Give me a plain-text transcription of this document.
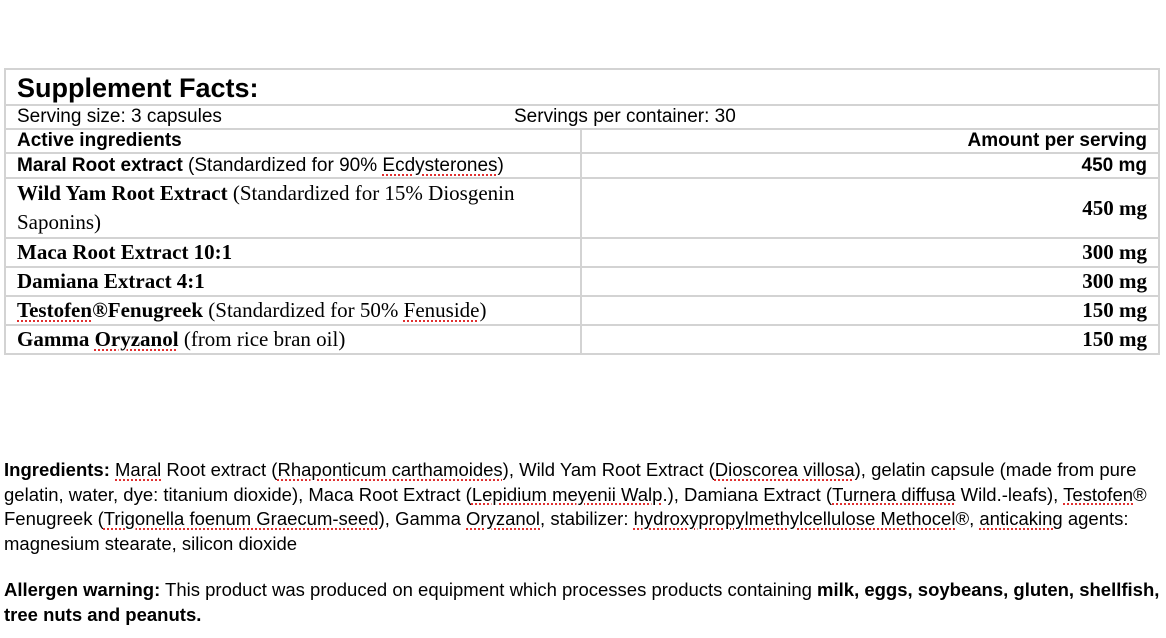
Supplement Facts:	

Serving size: 3 capsules Servings per container: 30	

Active ingredients	Amount per serving
Maral Root extract (Standardized for 90% Ecdysterones)	450 mg
Wild Yam Root Extract (Standardized for 15% Diosgenin Saponins)	450 mg
Maca Root Extract 10:1	300 mg
Damiana Extract 4:1	300 mg
Testofen®Fenugreek (Standardized for 50% Fenuside)	150 mg
Gamma Oryzanol (from rice bran oil)	150 mg

Ingredients: Maral Root extract (Rhaponticum carthamoides), Wild Yam Root Extract (Dioscorea villosa), gelatin capsule (made from pure gelatin, water, dye: titanium dioxide), Maca Root Extract (Lepidium meyenii Walp.), Damiana Extract (Turnera diffusa Wild.-leafs), Testofen® Fenugreek (Trigonella foenum Graecum-seed), Gamma Oryzanol, stabilizer: hydroxypropylmethylcellulose Methocel®, anticaking agents: magnesium stearate, silicon dioxide

Allergen warning: This product was produced on equipment which processes products containing milk, eggs, soybeans, gluten, shellfish, tree nuts and peanuts.
